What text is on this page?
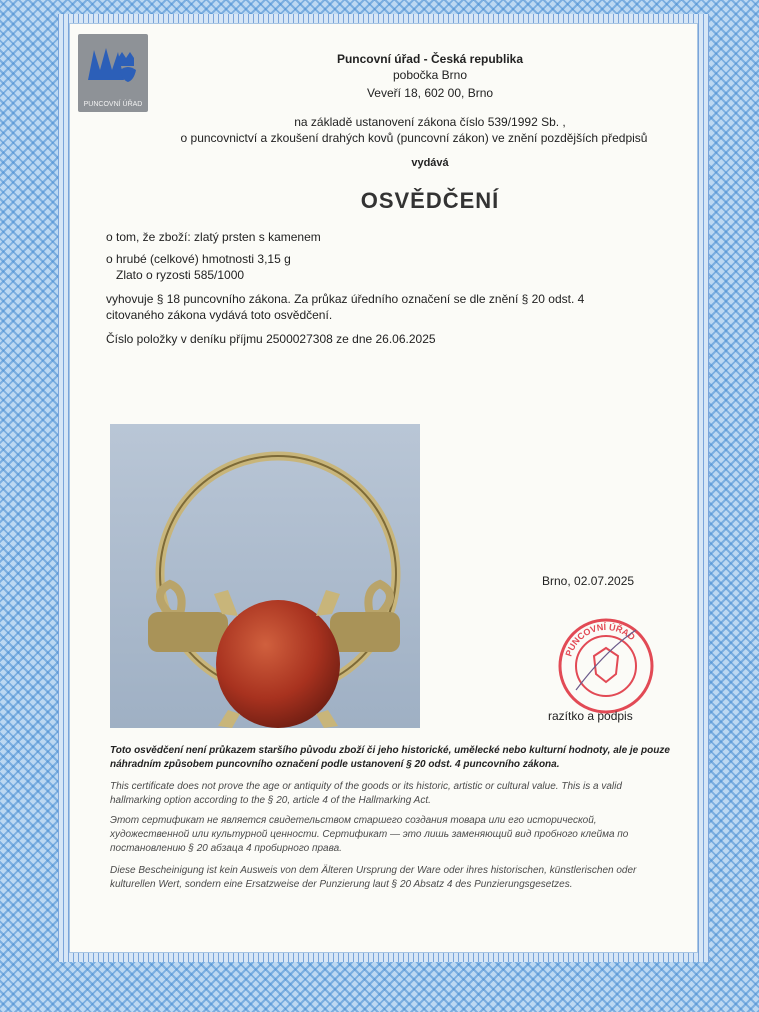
PUNCOVNÍ ÚŘAD
Puncovní úřad - Česká republika
pobočka Brno
Veveří 18, 602 00, Brno
na základě ustanovení zákona číslo 539/1992 Sb. ,
o puncovnictví a zkoušení drahých kovů (puncovní zákon) ve znění pozdějších předpisů
vydává
OSVĚDČENÍ
o tom, že zboží: zlatý prsten s kamenem
o hrubé (celkové) hmotnosti 3,15 g
Zlato o ryzosti 585/1000
vyhovuje § 18 puncovního zákona. Za průkaz úředního označení se dle znění § 20 odst. 4
citovaného zákona vydává toto osvědčení.
Číslo položky v deníku příjmu 2500027308 ze dne 26.06.2025
Brno, 02.07.2025
PUNCOVNÍ ÚŘAD
razítko a podpis
Toto osvědčení není průkazem staršího původu zboží či jeho historické, umělecké nebo kulturní hodnoty, ale je pouze náhradním způsobem puncovního označení podle ustanovení § 20 odst. 4 puncovního zákona.
This certificate does not prove the age or antiquity of the goods or its historic, artistic or cultural value. This is a valid hallmarking option according to the § 20, article 4 of the Hallmarking Act.
Этот сертификат не является свидетельством старшего создания товара или его исторической, художественной или культурной ценности. Сертификат — это лишь заменяющий вид пробного клейма по постановлению § 20 абзаца 4 пробирного права.
Diese Bescheinigung ist kein Ausweis von dem Älteren Ursprung der Ware oder ihres historischen, künstlerischen oder kulturellen Wert, sondern eine Ersatzweise der Punzierung laut § 20 Absatz 4 des Punzierungsgesetzes.
